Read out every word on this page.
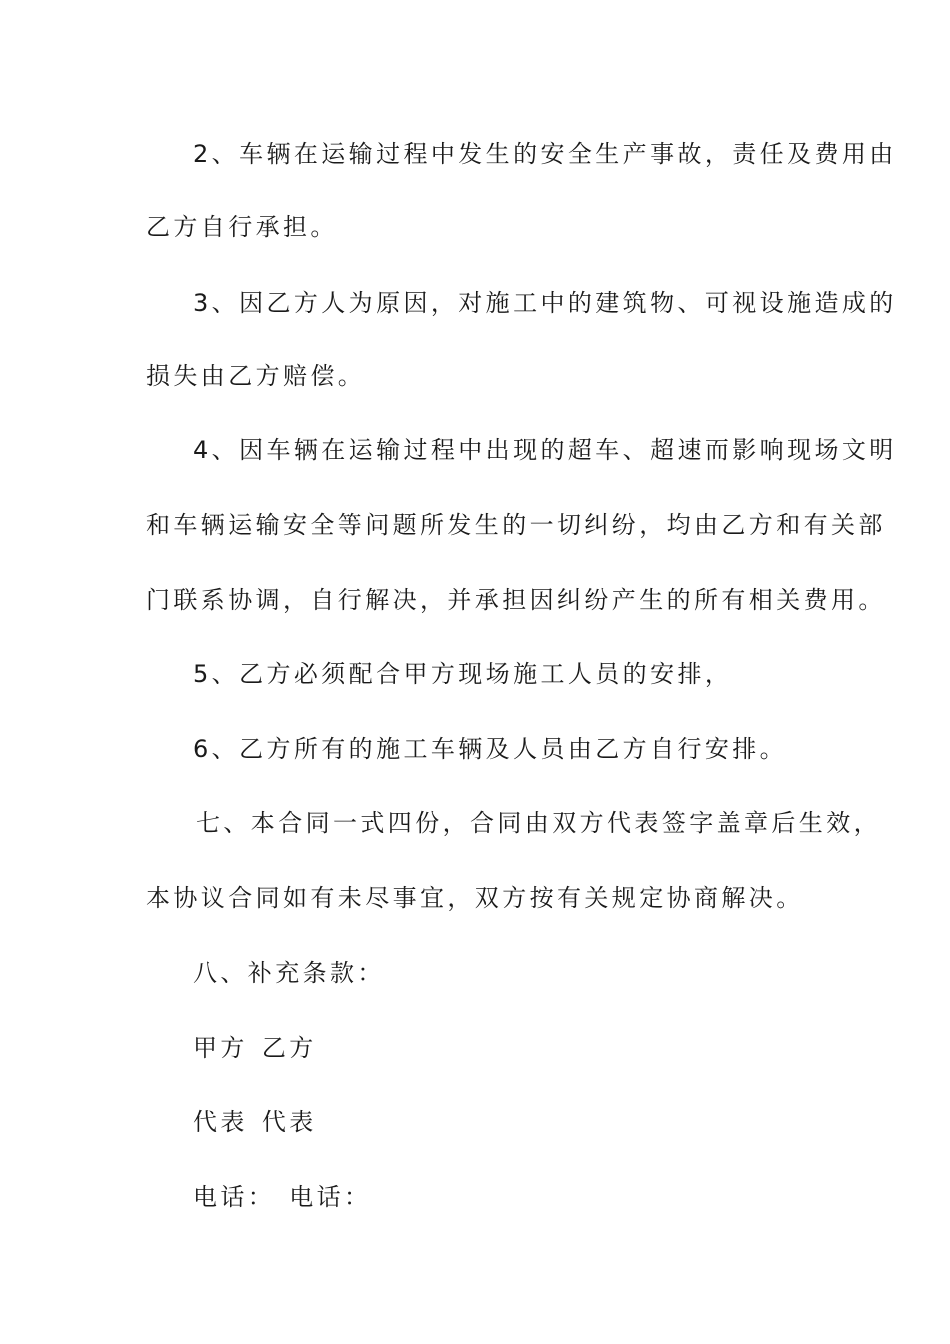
2、车辆在运输过程中发生的安全生产事故，责任及费用由

乙方自行承担。

3、因乙方人为原因，对施工中的建筑物、可视设施造成的

损失由乙方赔偿。

4、因车辆在运输过程中出现的超车、超速而影响现场文明

和车辆运输安全等问题所发生的一切纠纷，均由乙方和有关部

门联系协调，自行解决，并承担因纠纷产生的所有相关费用。

5、乙方必须配合甲方现场施工人员的安排，

6、乙方所有的施工车辆及人员由乙方自行安排。

七、本合同一式四份，合同由双方代表签字盖章后生效，

本协议合同如有未尽事宜，双方按有关规定协商解决。

八、补充条款：

甲方 乙方

代表 代表

电话： 电话：
